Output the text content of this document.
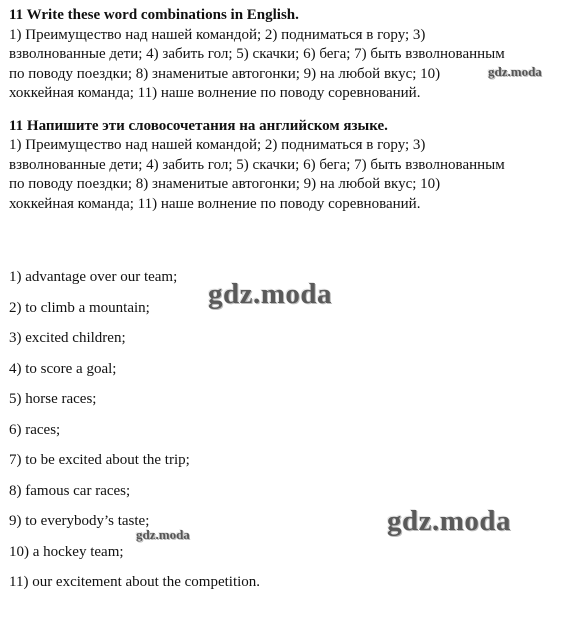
11 Write these word combinations in English.

1) Преимущество над нашей командой; 2) подниматься в гору; 3)

взволнованные дети; 4) забить гол; 5) скачки; 6) бега; 7) быть взволнованным

по поводу поездки; 8) знаменитые автогонки; 9) на любой вкус; 10)

хоккейная команда; 11) наше волнение по поводу соревнований.

11 Напишите эти словосочетания на английском языке.

1) Преимущество над нашей командой; 2) подниматься в гору; 3)

взволнованные дети; 4) забить гол; 5) скачки; 6) бега; 7) быть взволнованным

по поводу поездки; 8) знаменитые автогонки; 9) на любой вкус; 10)

хоккейная команда; 11) наше волнение по поводу соревнований.

1) advantage over our team;
2) to climb a mountain;
3) excited children;
4) to score a goal;
5) horse races;
6) races;
7) to be excited about the trip;
8) famous car races;
9) to everybody’s taste;
10) a hockey team;
11) our excitement about the competition.
gdz.moda
gdz.moda
gdz.moda
gdz.moda
